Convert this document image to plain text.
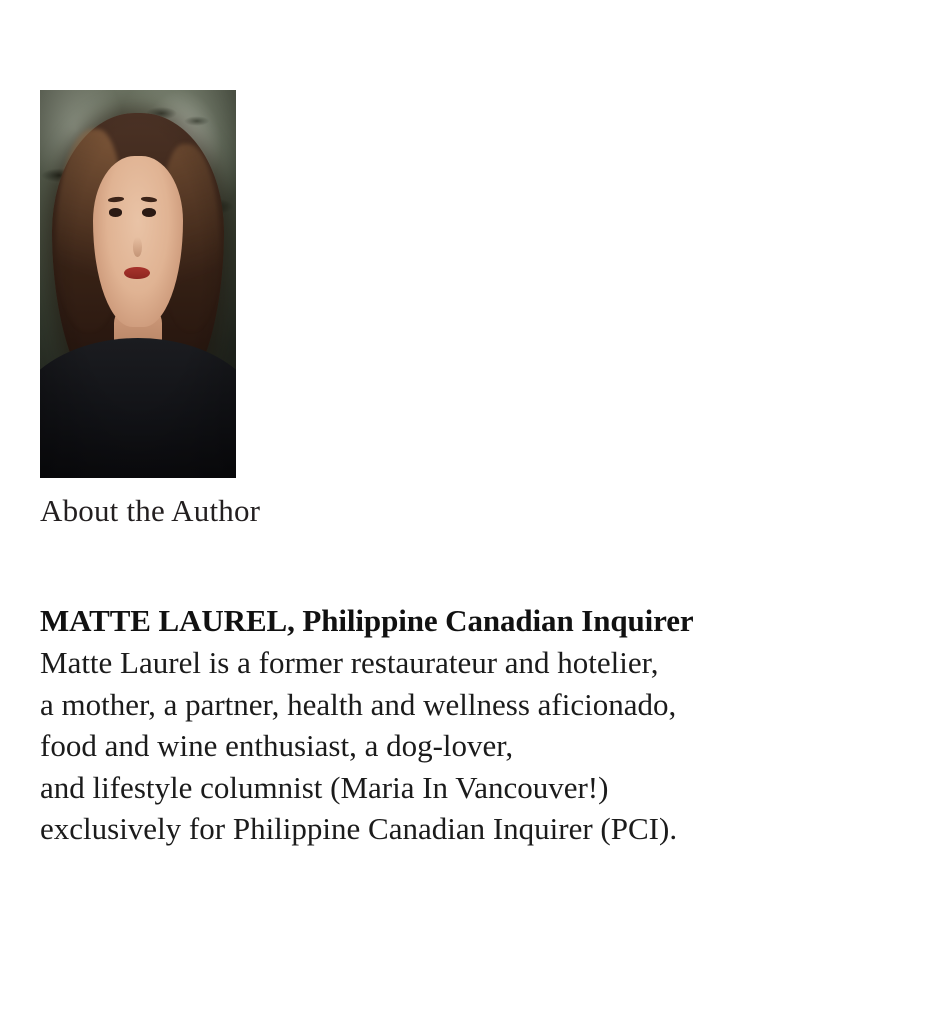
About the Author
MATTE LAUREL, Philippine Canadian Inquirer
Matte Laurel is a former restaurateur and hotelier,
a mother, a partner, health and wellness aficionado,
food and wine enthusiast, a dog-lover,
and lifestyle columnist (Maria In Vancouver!)
exclusively for Philippine Canadian Inquirer (PCI).
